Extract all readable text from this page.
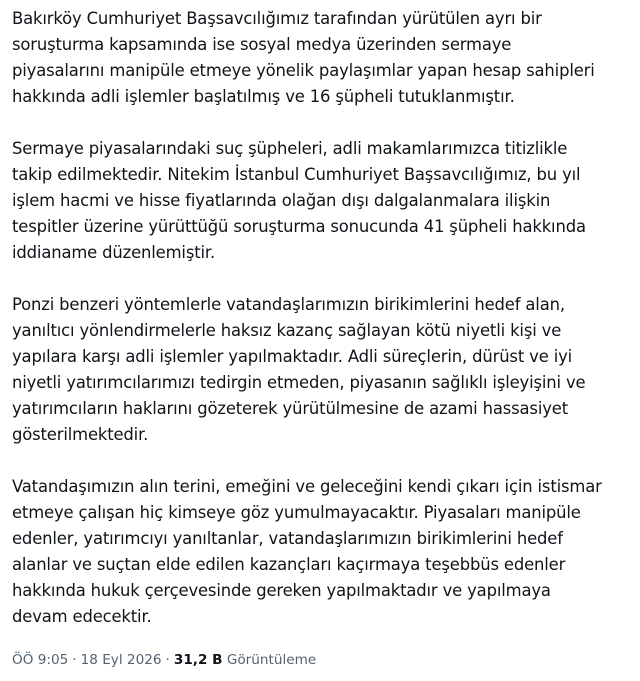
Bakırköy Cumhuriyet Başsavcılığımız tarafından yürütülen ayrı bir
soruşturma kapsamında ise sosyal medya üzerinden sermaye
piyasalarını manipüle etmeye yönelik paylaşımlar yapan hesap sahipleri
hakkında adli işlemler başlatılmış ve 16 şüpheli tutuklanmıştır.

Sermaye piyasalarındaki suç şüpheleri, adli makamlarımızca titizlikle
takip edilmektedir. Nitekim İstanbul Cumhuriyet Başsavcılığımız, bu yıl
işlem hacmi ve hisse fiyatlarında olağan dışı dalgalanmalara ilişkin
tespitler üzerine yürüttüğü soruşturma sonucunda 41 şüpheli hakkında
iddianame düzenlemiştir.

Ponzi benzeri yöntemlerle vatandaşlarımızın birikimlerini hedef alan,
yanıltıcı yönlendirmelerle haksız kazanç sağlayan kötü niyetli kişi ve
yapılara karşı adli işlemler yapılmaktadır. Adli süreçlerin, dürüst ve iyi
niyetli yatırımcılarımızı tedirgin etmeden, piyasanın sağlıklı işleyişini ve
yatırımcıların haklarını gözeterek yürütülmesine de azami hassasiyet
gösterilmektedir.

Vatandaşımızın alın terini, emeğini ve geleceğini kendi çıkarı için istismar
etmeye çalışan hiç kimseye göz yumulmayacaktır. Piyasaları manipüle
edenler, yatırımcıyı yanıltanlar, vatandaşlarımızın birikimlerini hedef
alanlar ve suçtan elde edilen kazançları kaçırmaya teşebbüs edenler
hakkında hukuk çerçevesinde gereken yapılmaktadır ve yapılmaya
devam edecektir.

ÖÖ 9:05 · 18 Eyl 2026 · 31,2 B Görüntüleme
